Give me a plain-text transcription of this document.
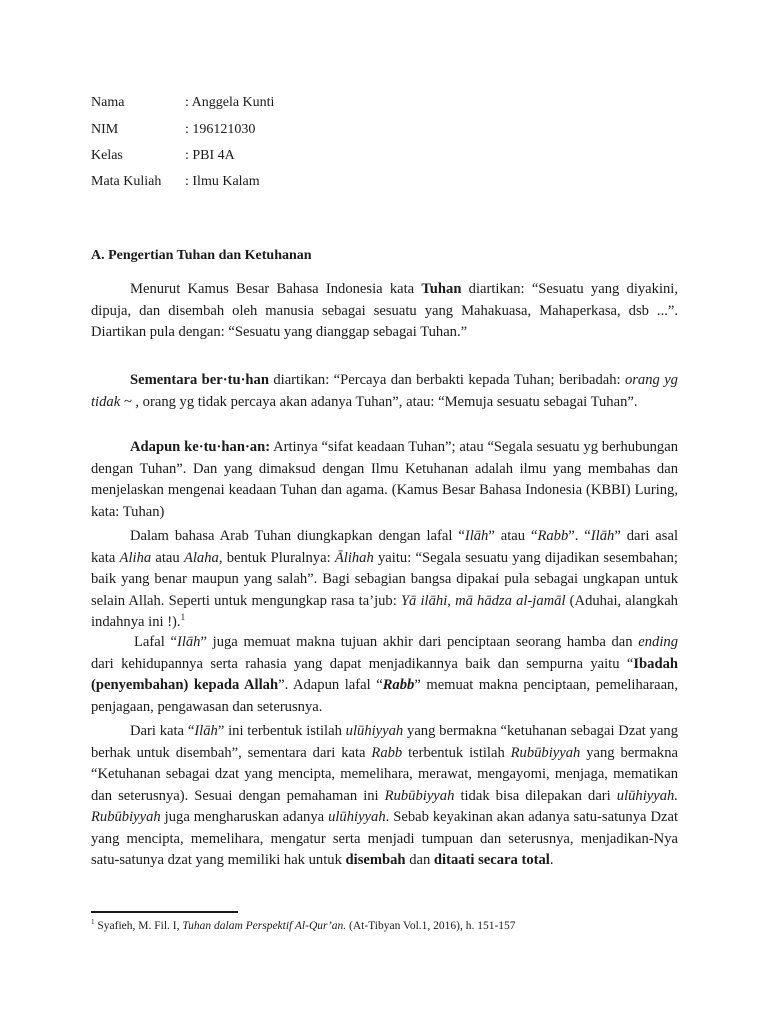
Nama	: Anggela Kunti
NIM	: 196121030
Kelas	: PBI 4A
Mata Kuliah : Ilmu Kalam
A. Pengertian Tuhan dan Ketuhanan

Menurut Kamus Besar Bahasa Indonesia kata Tuhan diartikan: “Sesuatu yang diyakini, dipuja, dan disembah oleh manusia sebagai sesuatu yang Mahakuasa, Mahaperkasa, dsb ...”. Diartikan pula dengan: “Sesuatu yang dianggap sebagai Tuhan.”

Sementara ber·tu·han diartikan: “Percaya dan berbakti kepada Tuhan; beribadah: orang yg tidak ~ , orang yg tidak percaya akan adanya Tuhan”, atau: “Memuja sesuatu sebagai Tuhan”.

Adapun ke·tu·han·an: Artinya “sifat keadaan Tuhan”; atau “Segala sesuatu yg berhubungan dengan Tuhan”. Dan yang dimaksud dengan Ilmu Ketuhanan adalah ilmu yang membahas dan menjelaskan mengenai keadaan Tuhan dan agama. (Kamus Besar Bahasa Indonesia (KBBI) Luring, kata: Tuhan)

Dalam bahasa Arab Tuhan diungkapkan dengan lafal “Ilāh” atau “Rabb”. “Ilāh” dari asal kata Aliha atau Alaha, bentuk Pluralnya: Ālihah yaitu: “Segala sesuatu yang dijadikan sesembahan; baik yang benar maupun yang salah”. Bagi sebagian bangsa dipakai pula sebagai ungkapan untuk selain Allah. Seperti untuk mengungkap rasa ta’jub: Yā ilāhi, mā hādza al-jamāl (Aduhai, alangkah indahnya ini !).$^1$

Lafal “Ilāh” juga memuat makna tujuan akhir dari penciptaan seorang hamba dan ending dari kehidupannya serta rahasia yang dapat menjadikannya baik dan sempurna yaitu “Ibadah (penyembahan) kepada Allah”. Adapun lafal “Rabb” memuat makna penciptaan, pemeliharaan, penjagaan, pengawasan dan seterusnya.

Dari kata “Ilāh” ini terbentuk istilah ulūhiyyah yang bermakna “ketuhanan sebagai Dzat yang berhak untuk disembah”, sementara dari kata Rabb terbentuk istilah Rubūbiyyah yang bermakna “Ketuhanan sebagai dzat yang mencipta, memelihara, merawat, mengayomi, menjaga, mematikan dan seterusnya). Sesuai dengan pemahaman ini Rubūbiyyah tidak bisa dilepakan dari ulūhiyyah. Rubūbiyyah juga mengharuskan adanya ulūhiyyah. Sebab keyakinan akan adanya satu-satunya Dzat yang mencipta, memelihara, mengatur serta menjadi tumpuan dan seterusnya, menjadikan-Nya satu-satunya dzat yang memiliki hak untuk disembah dan ditaati secara total.

$^1$ Syafieh, M. Fil. I, Tuhan dalam Perspektif Al-Qur’an. (At-Tibyan Vol.1, 2016), h. 151-157
